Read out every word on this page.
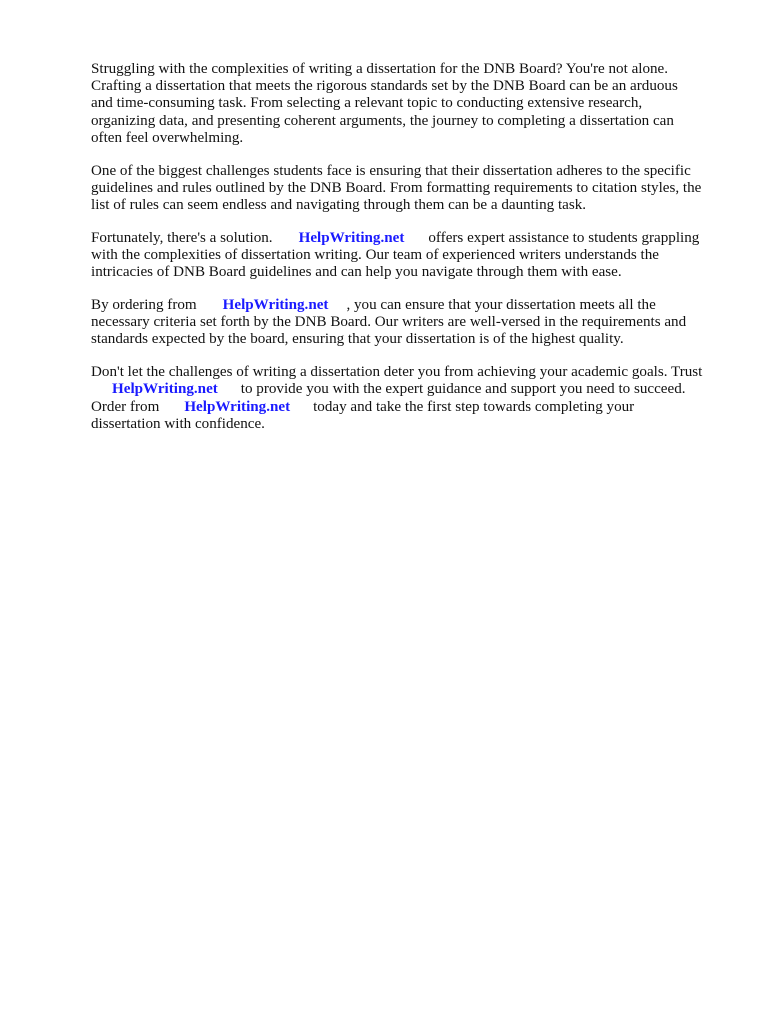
Struggling with the complexities of writing a dissertation for the DNB Board? You're not alone.
Crafting a dissertation that meets the rigorous standards set by the DNB Board can be an arduous
and time-consuming task. From selecting a relevant topic to conducting extensive research,
organizing data, and presenting coherent arguments, the journey to completing a dissertation can
often feel overwhelming.

One of the biggest challenges students face is ensuring that their dissertation adheres to the specific
guidelines and rules outlined by the DNB Board. From formatting requirements to citation styles, the
list of rules can seem endless and navigating through them can be a daunting task.

Fortunately, there's a solution. HelpWriting.net offers expert assistance to students grappling
with the complexities of dissertation writing. Our team of experienced writers understands the
intricacies of DNB Board guidelines and can help you navigate through them with ease.

By ordering from HelpWriting.net , you can ensure that your dissertation meets all the
necessary criteria set forth by the DNB Board. Our writers are well-versed in the requirements and
standards expected by the board, ensuring that your dissertation is of the highest quality.

Don't let the challenges of writing a dissertation deter you from achieving your academic goals. Trust
HelpWriting.net to provide you with the expert guidance and support you need to succeed.
Order from HelpWriting.net today and take the first step towards completing your
dissertation with confidence.
